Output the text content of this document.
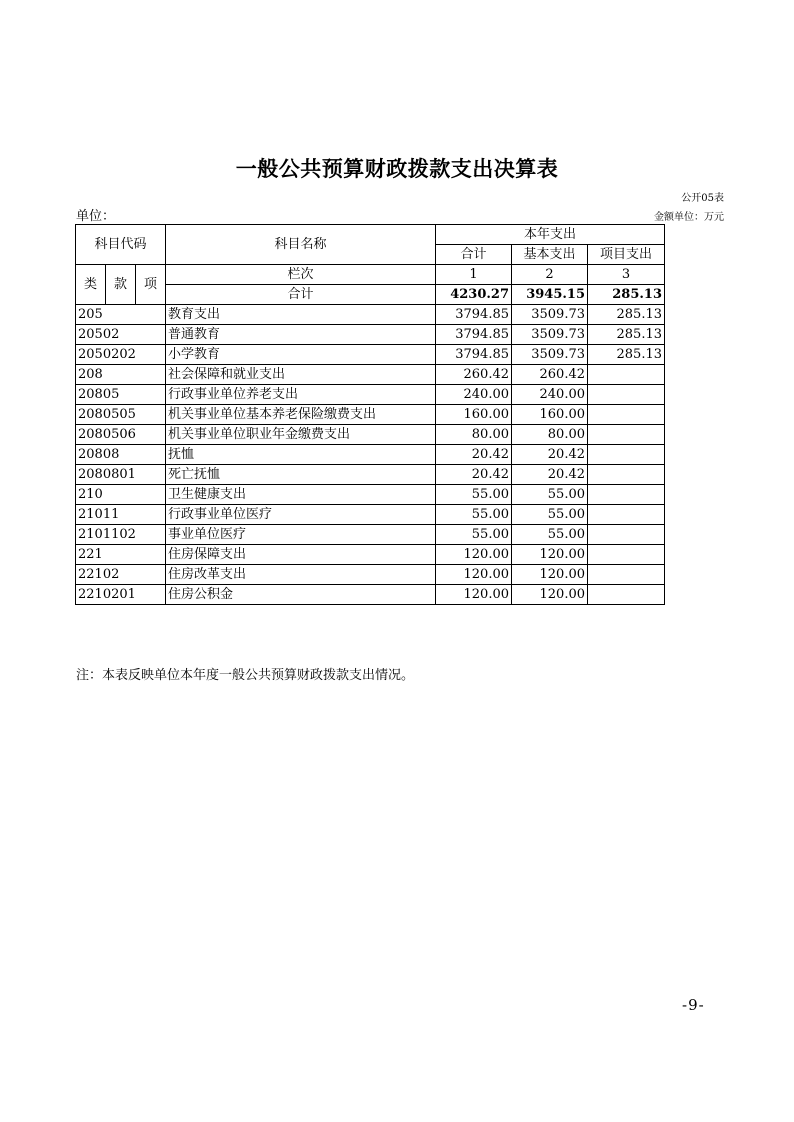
一般公共预算财政拨款支出决算表
公开05表
单位：	金额单位：万元
科目代码			科目名称	本年支出		
				合计	基本支出	项目支出

类	款	项	栏次	1	2	3
			合计	4230.27	3945.15	285.13
205			教育支出	3794.85	3509.73	285.13
20502			普通教育	3794.85	3509.73	285.13
2050202			小学教育	3794.85	3509.73	285.13
208			社会保障和就业支出	260.42	260.42	
20805			行政事业单位养老支出	240.00	240.00	
2080505			机关事业单位基本养老保险缴费支出	160.00	160.00	
2080506			机关事业单位职业年金缴费支出	80.00	80.00	
20808			抚恤	20.42	20.42	
2080801			死亡抚恤	20.42	20.42	
210			卫生健康支出	55.00	55.00	
21011			行政事业单位医疗	55.00	55.00	
2101102			事业单位医疗	55.00	55.00	
221			住房保障支出	120.00	120.00	
22102			住房改革支出	120.00	120.00	
2210201			住房公积金	120.00	120.00	
注：本表反映单位本年度一般公共预算财政拨款支出情况。
-9-
